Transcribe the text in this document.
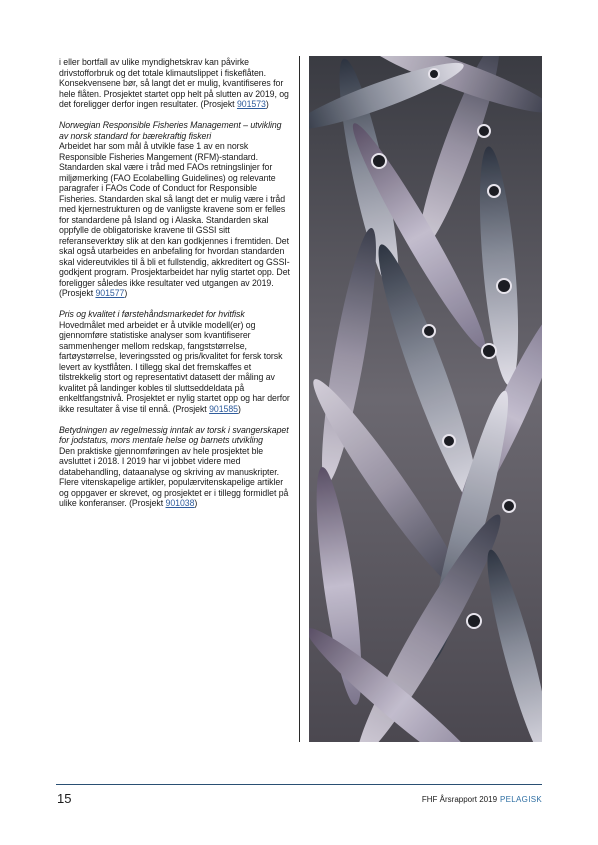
i eller bortfall av ulike myndighetskrav kan påvirke drivstofforbruk og det totale klimautslippet i fiskeflåten. Konsekvensene bør, så langt det er mulig, kvantifiseres for hele flåten. Prosjektet startet opp helt på slutten av 2019, og det foreligger derfor ingen resultater. (Prosjekt 901573)

Norwegian Responsible Fisheries Management – utvikling av norsk standard for bærekraftig fiskeri
Arbeidet har som mål å utvikle fase 1 av en norsk Responsible Fisheries Mangement (RFM)-standard. Standarden skal være i tråd med FAOs retningslinjer for miljømerking (FAO Ecolabelling Guidelines) og relevante paragrafer i FAOs Code of Conduct for Responsible Fisheries. Standarden skal så langt det er mulig være i tråd med kjernestrukturen og de vanligste kravene som er felles for standardene på Island og i Alaska. Standarden skal oppfylle de obligatoriske kravene til GSSI sitt referanseverktøy slik at den kan godkjennes i fremtiden. Det skal også utarbeides en anbefaling for hvordan standarden skal videreutvikles til å bli et fullstendig, akkreditert og GSSI-godkjent program. Prosjektarbeidet har nylig startet opp. Det foreligger således ikke resultater ved utgangen av 2019. (Prosjekt 901577)

Pris og kvalitet i førstehåndsmarkedet for hvitfisk
Hovedmålet med arbeidet er å utvikle modell(er) og gjennomføre statistiske analyser som kvantifiserer sammenhenger mellom redskap, fangststørrelse, fartøystørrelse, leveringssted og pris/kvalitet for fersk torsk levert av kystflåten. I tillegg skal det fremskaffes et tilstrekkelig stort og representativt datasett der måling av kvalitet på landinger kobles til sluttseddeldata på enkeltfangstnivå. Prosjektet er nylig startet opp og har derfor ikke resultater å vise til ennå. (Prosjekt 901585)

Betydningen av regelmessig inntak av torsk i svangerskapet for jodstatus, mors mentale helse og barnets utvikling
Den praktiske gjennomføringen av hele prosjektet ble avsluttet i 2018. I 2019 har vi jobbet videre med databehandling, dataanalyse og skriving av manuskripter. Flere vitenskapelige artikler, populærvitenskapelige artikler og oppgaver er skrevet, og prosjektet er i tillegg formidlet på ulike konferanser. (Prosjekt 901038)

15	FHF Årsrapport 2019 PELAGISK
